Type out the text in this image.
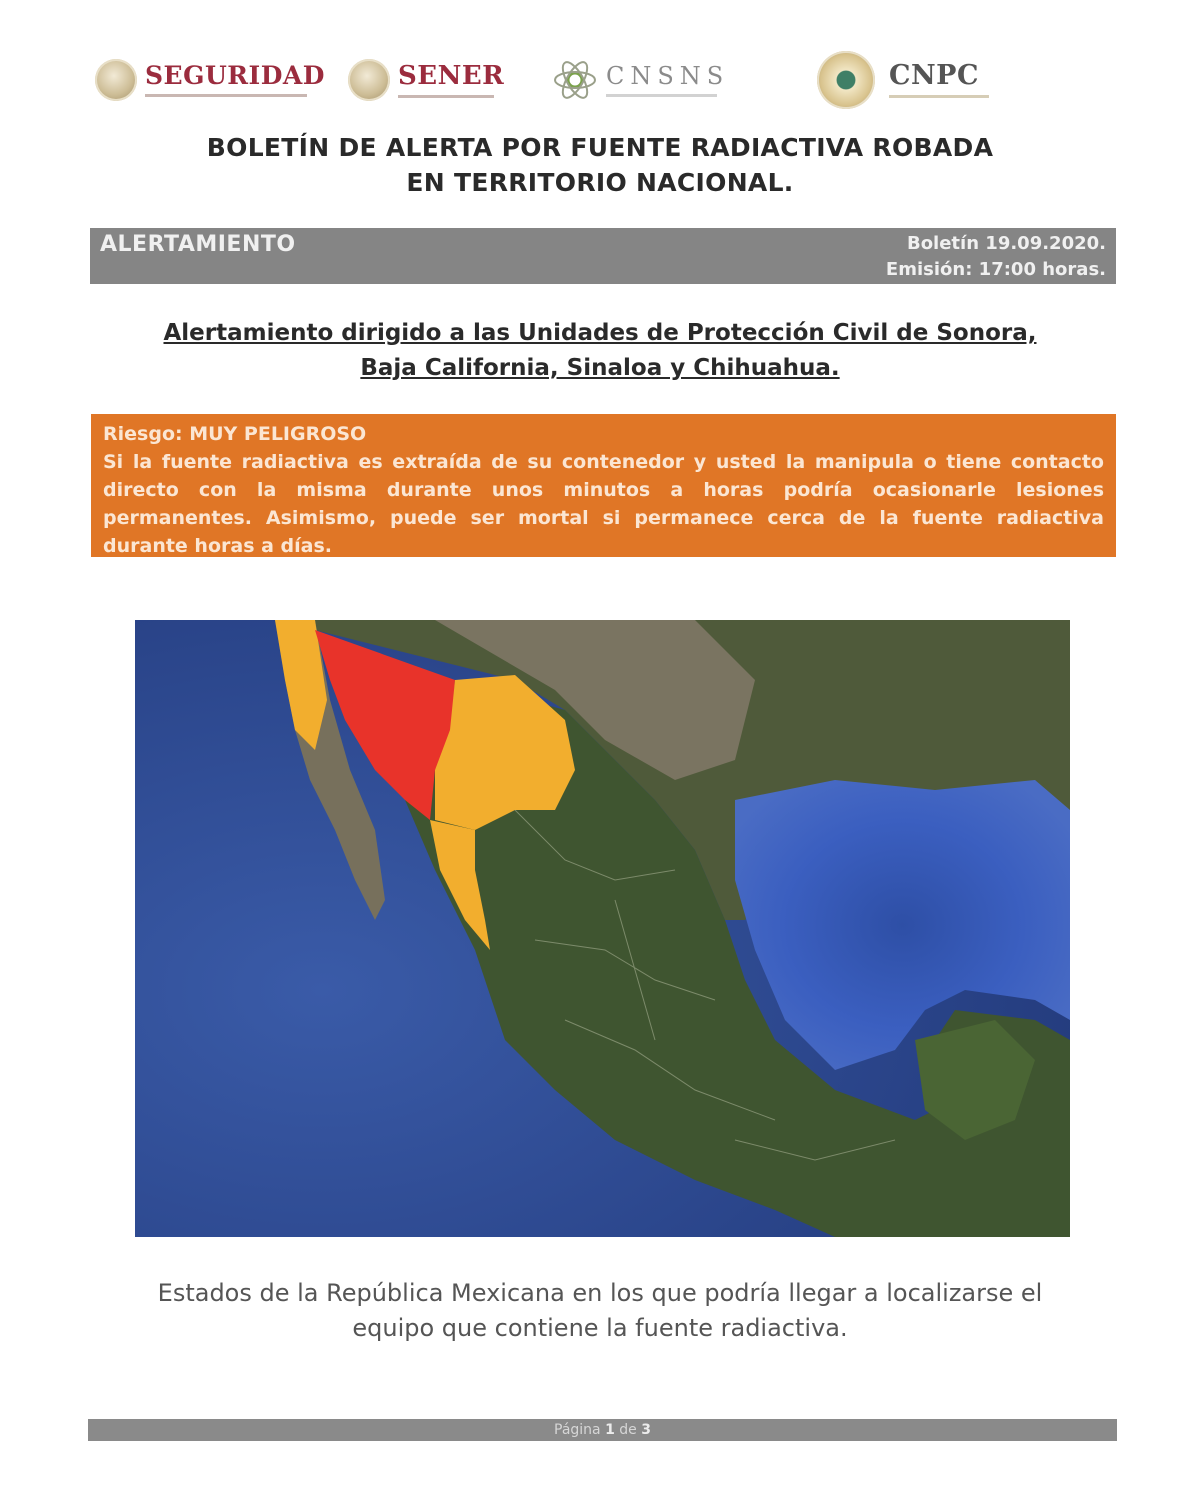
SEGURIDAD	SENER	CNSNS	CNPC
BOLETÍN DE ALERTA POR FUENTE RADIACTIVA ROBADA
EN TERRITORIO NACIONAL.
ALERTAMIENTO	Boletín 19.09.2020.
Emisión: 17:00 horas.
Alertamiento dirigido a las Unidades de Protección Civil de Sonora,
Baja California, Sinaloa y Chihuahua.
Riesgo: MUY PELIGROSO
Si la fuente radiactiva es extraída de su contenedor y usted la manipula o tiene contacto directo con la misma durante unos minutos a horas podría ocasionarle lesiones permanentes. Asimismo, puede ser mortal si permanece cerca de la fuente radiactiva durante horas a días.
Estados de la República Mexicana en los que podría llegar a localizarse el
equipo que contiene la fuente radiactiva.
Página 1 de 3
